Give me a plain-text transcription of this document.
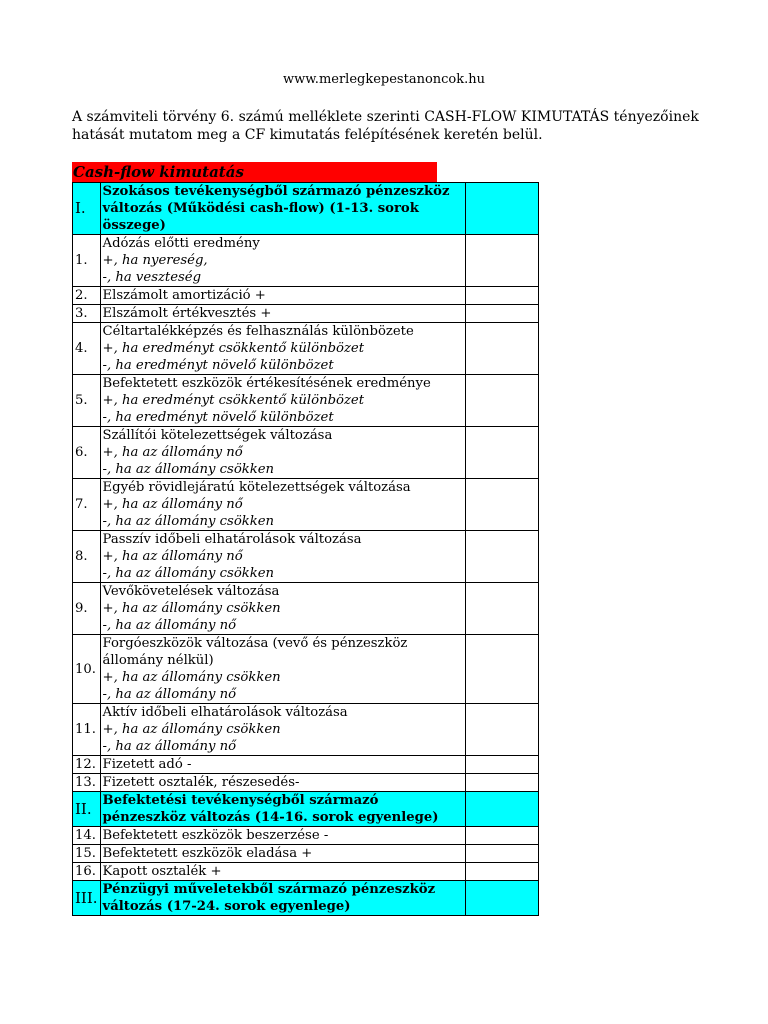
www.merlegkepestanoncok.hu
A számviteli törvény 6. számú melléklete szerinti CASH-FLOW KIMUTATÁS tényezőinek hatását mutatom meg a CF kimutatás felépítésének keretén belül.
Cash-flow kimutatás
I.	Szokásos tevékenységből származó pénzeszköz változás (Működési cash-flow) (1-13. sorok összege)	

1.	Adózás előtti eredmény
+, ha nyereség,
-, ha veszteség	

2.	Elszámolt amortizáció +	

3.	Elszámolt értékvesztés +	

4.	Céltartalékképzés és felhasználás különbözete
+, ha eredményt csökkentő különbözet
-, ha eredményt növelő különbözet	

5.	Befektetett eszközök értékesítésének eredménye
+, ha eredményt csökkentő különbözet
-, ha eredményt növelő különbözet	

6.	Szállítói kötelezettségek változása
+, ha az állomány nő
-, ha az állomány csökken	

7.	Egyéb rövidlejáratú kötelezettségek változása
+, ha az állomány nő
-, ha az állomány csökken	

8.	Passzív időbeli elhatárolások változása
+, ha az állomány nő
-, ha az állomány csökken	

9.	Vevőkövetelések változása
+, ha az állomány csökken
-, ha az állomány nő	

10.	Forgóeszközök változása (vevő és pénzeszköz állomány nélkül)
+, ha az állomány csökken
-, ha az állomány nő	

11.	Aktív időbeli elhatárolások változása
+, ha az állomány csökken
-, ha az állomány nő	

12.	Fizetett adó -	

13.	Fizetett osztalék, részesedés-	

II.	Befektetési tevékenységből származó pénzeszköz változás (14-16. sorok egyenlege)	

14.	Befektetett eszközök beszerzése -	

15.	Befektetett eszközök eladása +	

16.	Kapott osztalék +	

III.	Pénzügyi műveletekből származó pénzeszköz változás (17-24. sorok egyenlege)	
